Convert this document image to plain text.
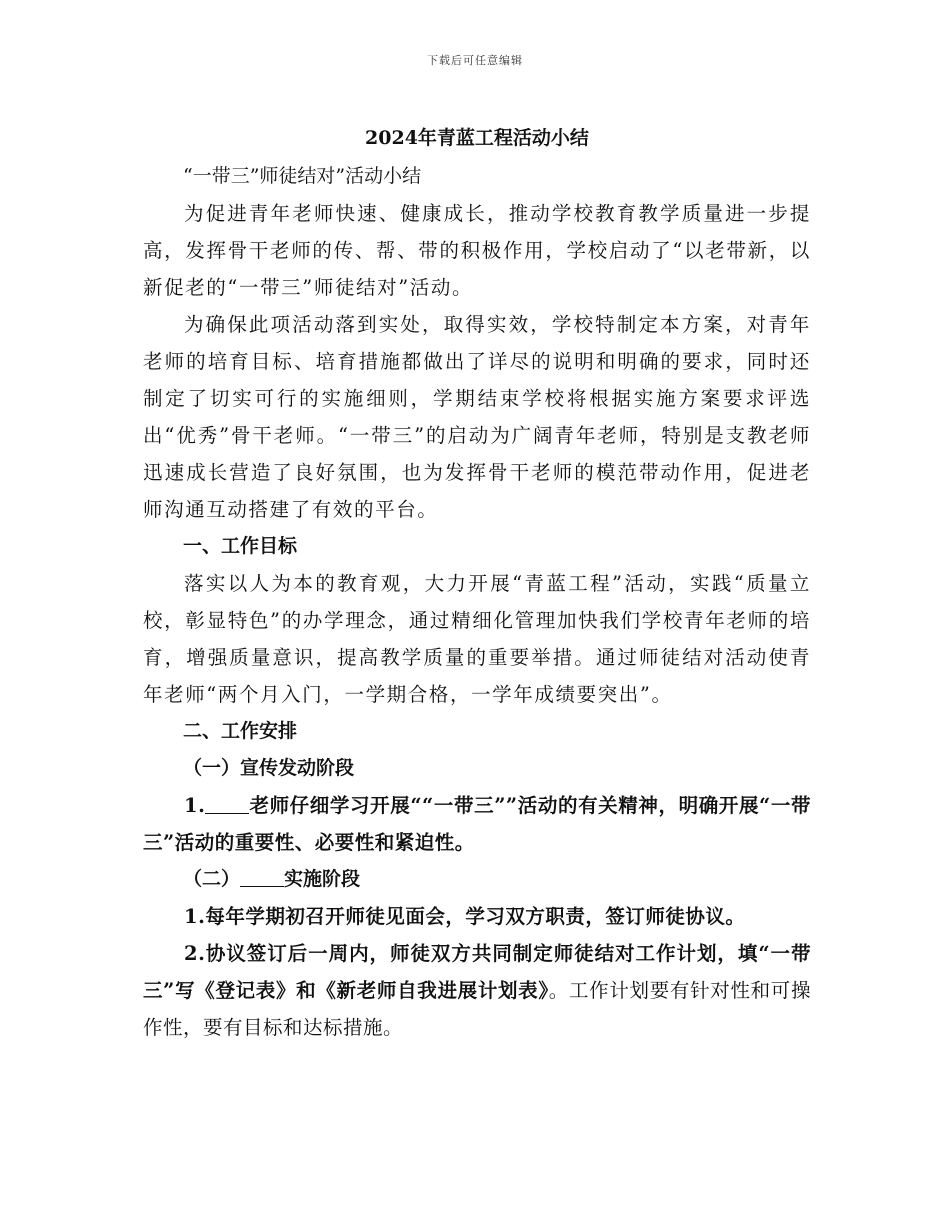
下载后可任意编辑
2024年青蓝工程活动小结
“一带三”师徒结对”活动小结

为促进青年老师快速、健康成长，推动学校教育教学质量进一步提高，发挥骨干老师的传、帮、带的积极作用，学校启动了“以老带新，以新促老的“一带三”师徒结对”活动。

为确保此项活动落到实处，取得实效，学校特制定本方案，对青年老师的培育目标、培育措施都做出了详尽的说明和明确的要求，同时还制定了切实可行的实施细则，学期结束学校将根据实施方案要求评选出“优秀”骨干老师。“一带三”的启动为广阔青年老师，特别是支教老师迅速成长营造了良好氛围，也为发挥骨干老师的模范带动作用，促进老师沟通互动搭建了有效的平台。

一、工作目标

落实以人为本的教育观，大力开展“青蓝工程”活动，实践“质量立校，彰显特色”的办学理念，通过精细化管理加快我们学校青年老师的培育，增强质量意识，提高教学质量的重要举措。通过师徒结对活动使青年老师“两个月入门，一学期合格，一学年成绩要突出”。

二、工作安排
（一）宣传发动阶段

1. 老师仔细学习开展““一带三””活动的有关精神，明确开展“一带三”活动的重要性、必要性和紧迫性。

（二） 实施阶段

1.每年学期初召开师徒见面会，学习双方职责，签订师徒协议。

2.协议签订后一周内，师徒双方共同制定师徒结对工作计划，填“一带三”写《登记表》和《新老师自我进展计划表》。工作计划要有针对性和可操作性，要有目标和达标措施。
